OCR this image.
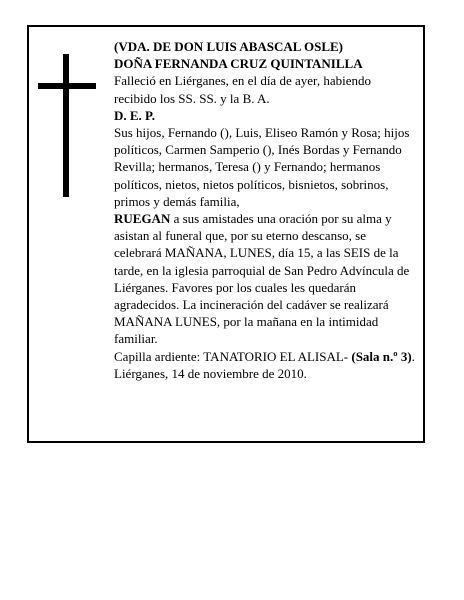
(VDA. DE DON LUIS ABASCAL OSLE)

DOÑA FERNANDA CRUZ QUINTANILLA

Falleció en Liérganes, en el día de ayer, habiendo recibido los SS. SS. y la B. A.

D. E. P.

Sus hijos, Fernando (), Luis, Eliseo Ramón y Rosa; hijos políticos, Carmen Samperio (), Inés Bordas y Fernando Revilla; hermanos, Teresa () y Fernando; hermanos políticos, nietos, nietos políticos, bisnietos, sobrinos, primos y demás familia,

RUEGAN a sus amistades una oración por su alma y asistan al funeral que, por su eterno descanso, se celebrará MAÑANA, LUNES, día 15, a las SEIS de la tarde, en la iglesia parroquial de San Pedro Advíncula de Liérganes. Favores por los cuales les quedarán agradecidos. La incineración del cadáver se realizará MAÑANA LUNES, por la mañana en la intimidad familiar.

Capilla ardiente: TANATORIO EL ALISAL- (Sala n.º 3).

Liérganes, 14 de noviembre de 2010.
